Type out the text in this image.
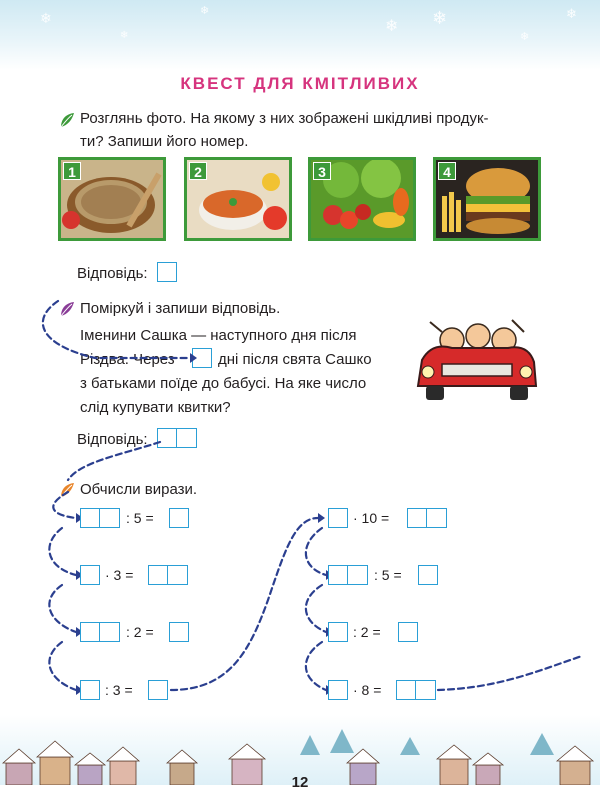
❄
❄
❄
❄ ❄
❄
❄
КВЕСТ ДЛЯ КМІТЛИВИХ
Розглянь фото. На якому з них зображені шкідливі продук-
ти? Запиши його номер.
1	2	3	4
Відповідь:
Поміркуй і запиши відповідь.
Іменини Сашка — наступного дня після
Різдва. Через	дні після свята Сашко
з батьками поїде до бабусі. На яке число
слід купувати квитки?
Відповідь:
Обчисли вирази.
: 5 =
· 3 =
: 2 =
: 3 =
· 10 =
: 5 =
: 2 =
· 8 =
12
